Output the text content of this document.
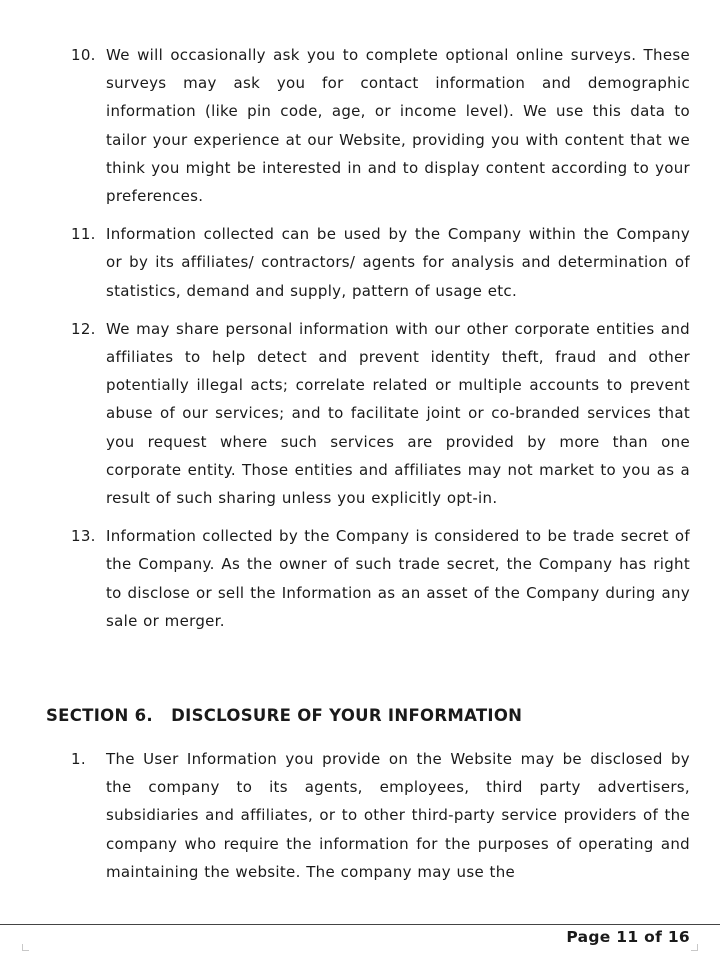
10. We will occasionally ask you to complete optional online surveys. These surveys may ask you for contact information and demographic information (like pin code, age, or income level). We use this data to tailor your experience at our Website, providing you with content that we think you might be interested in and to display content according to your preferences.
11. Information collected can be used by the Company within the Company or by its affiliates/ contractors/ agents for analysis and determination of statistics, demand and supply, pattern of usage etc.
12. We may share personal information with our other corporate entities and affiliates to help detect and prevent identity theft, fraud and other potentially illegal acts; correlate related or multiple accounts to prevent abuse of our services; and to facilitate joint or co-branded services that you request where such services are provided by more than one corporate entity. Those entities and affiliates may not market to you as a result of such sharing unless you explicitly opt-in.
13. Information collected by the Company is considered to be trade secret of the Company. As the owner of such trade secret, the Company has right to disclose or sell the Information as an asset of the Company during any sale or merger.
SECTION 6. DISCLOSURE OF YOUR INFORMATION
1. The User Information you provide on the Website may be disclosed by the company to its agents, employees, third party advertisers, subsidiaries and affiliates, or to other third-party service providers of the company who require the information for the purposes of operating and maintaining the website. The company may use the
Page 11 of 16
